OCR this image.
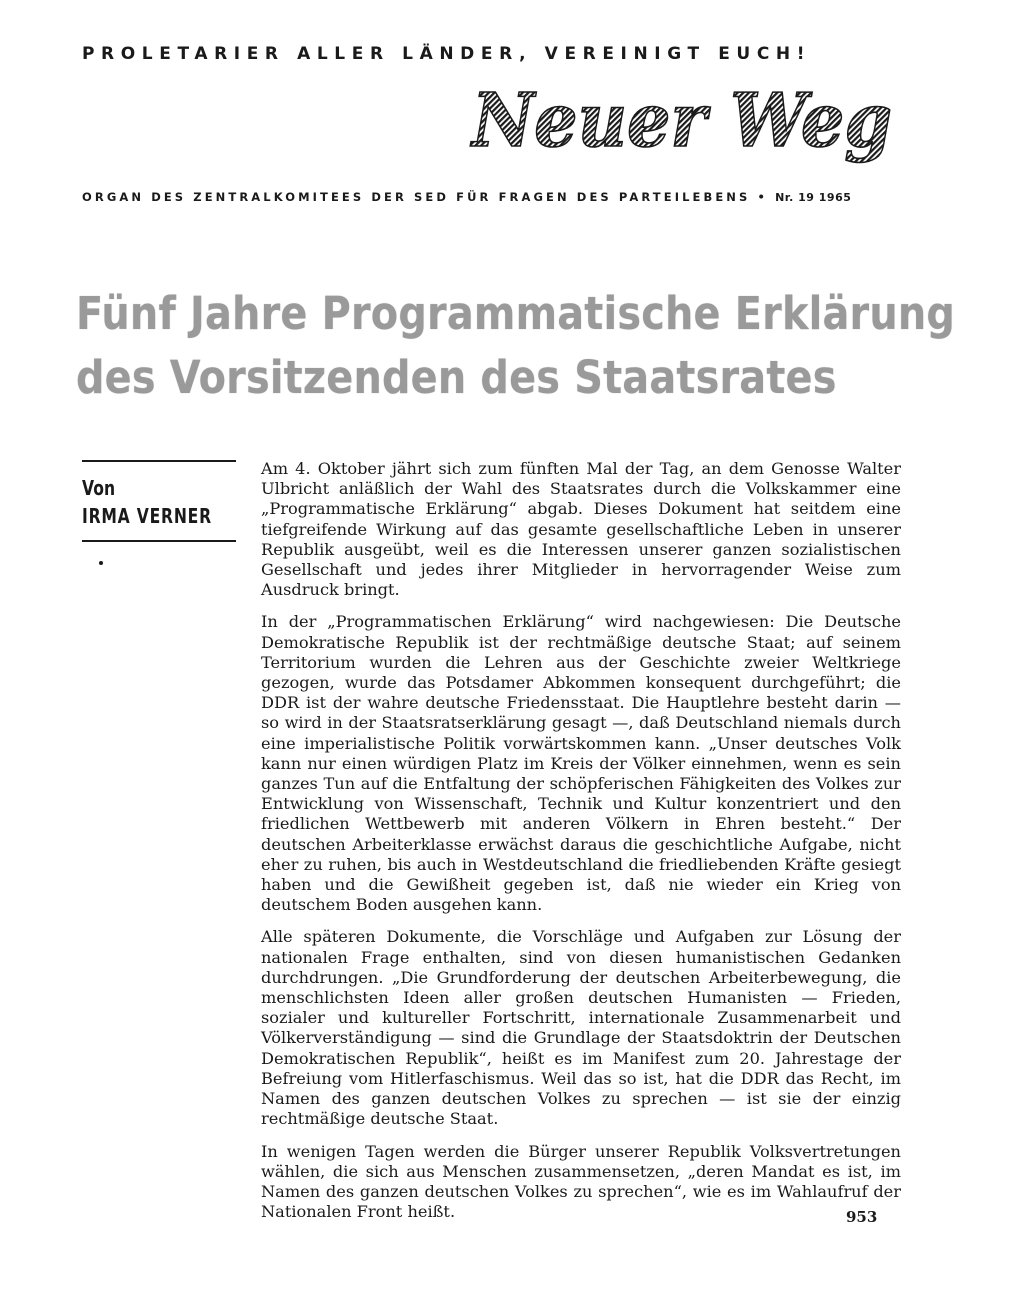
PROLETARIER ALLER LÄNDER, VEREINIGT EUCH!
Neuer Weg
ORGAN DES ZENTRALKOMITEES DER SED FÜR FRAGEN DES PARTEILEBENS • Nr. 19 1965
Fünf Jahre Programmatische Erklärung
des Vorsitzenden des Staatsrates
Von
IRMA VERNER

Am 4. Oktober jährt sich zum fünften Mal der Tag, an dem Genosse Walter Ulbricht anläßlich der Wahl des Staatsrates durch die Volkskammer eine „Programmatische Erklärung“ abgab. Dieses Dokument hat seitdem eine tiefgreifende Wirkung auf das gesamte gesellschaftliche Leben in unserer Republik ausgeübt, weil es die Interessen unserer ganzen sozialistischen Gesellschaft und jedes ihrer Mitglieder in hervorragender Weise zum Ausdruck bringt.

In der „Programmatischen Erklärung“ wird nachgewiesen: Die Deutsche Demokratische Republik ist der rechtmäßige deutsche Staat; auf seinem Territorium wurden die Lehren aus der Geschichte zweier Weltkriege gezogen, wurde das Potsdamer Abkommen konsequent durchgeführt; die DDR ist der wahre deutsche Friedensstaat. Die Hauptlehre besteht darin — so wird in der Staatsratserklärung gesagt —, daß Deutschland niemals durch eine imperialistische Politik vorwärtskommen kann. „Unser deutsches Volk kann nur einen würdigen Platz im Kreis der Völker einnehmen, wenn es sein ganzes Tun auf die Entfaltung der schöpferischen Fähigkeiten des Volkes zur Entwicklung von Wissenschaft, Technik und Kultur konzentriert und den friedlichen Wettbewerb mit anderen Völkern in Ehren besteht.“ Der deutschen Arbeiterklasse erwächst daraus die geschichtliche Aufgabe, nicht eher zu ruhen, bis auch in Westdeutschland die friedliebenden Kräfte gesiegt haben und die Gewißheit gegeben ist, daß nie wieder ein Krieg von deutschem Boden ausgehen kann.

Alle späteren Dokumente, die Vorschläge und Aufgaben zur Lösung der nationalen Frage enthalten, sind von diesen humanistischen Gedanken durchdrungen. „Die Grundforderung der deutschen Arbeiterbewegung, die menschlichsten Ideen aller großen deutschen Humanisten — Frieden, sozialer und kultureller Fortschritt, internationale Zusammenarbeit und Völkerverständigung — sind die Grundlage der Staatsdoktrin der Deutschen Demokratischen Republik“, heißt es im Manifest zum 20. Jahrestage der Befreiung vom Hitlerfaschismus. Weil das so ist, hat die DDR das Recht, im Namen des ganzen deutschen Volkes zu sprechen — ist sie der einzig rechtmäßige deutsche Staat.

In wenigen Tagen werden die Bürger unserer Republik Volksvertretungen wählen, die sich aus Menschen zusammensetzen, „deren Mandat es ist, im Namen des ganzen deutschen Volkes zu sprechen“, wie es im Wahlaufruf der Nationalen Front heißt.	953
